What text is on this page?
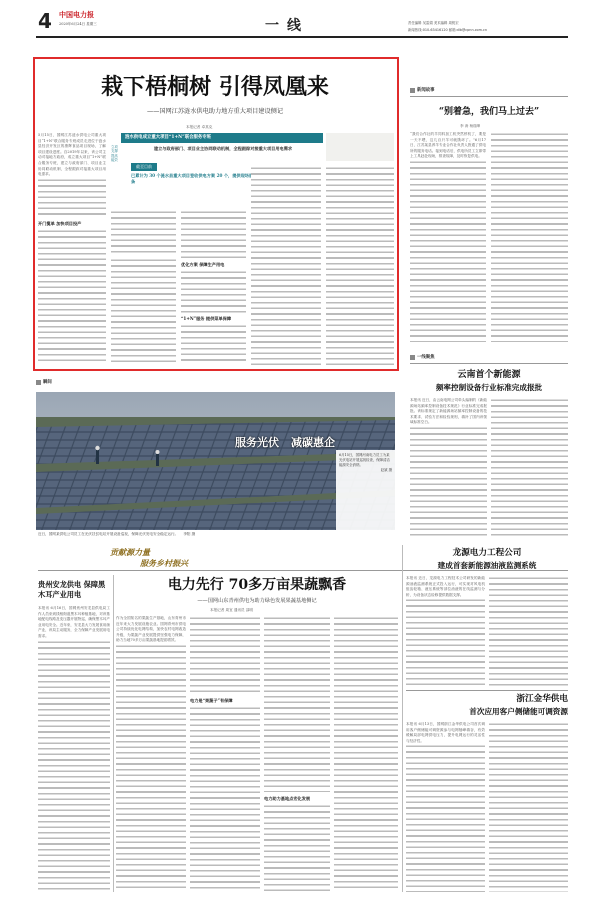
4 中国电力报
2020年6月24日 星期三	一线	责任编辑 吴雷娟 美术编辑 周锐宏
新闻热线:010-63416120 邮箱:dlb@cpnn.com.cn
栽下梧桐树 引得凤凰来
——国网江苏涟水供电助力地方重大项目建设侧记
本报记者 卓其克
5月15日，国网江苏涟水供电公司重大项目“1+N”联合服务专班成员走进位于涟水县经济开发区的康辉食品项目现场，了解项目建设进度。自2019年以来，该公司主动对接地方政府，成立重大项目“1+N”联合服务专班，建立与政府部门、项目业主协同联动机制，全程跟踪对接重大项目用电需求。
开门揽单 加快项目投产
涟水供电成立重大项目“1+N”联合服务专班
立项 支撑 提高 能效
建立与政府部门、项目业主协同联动机制，全程跟踪对接重大项目用电需求
截至目前
已累计为 30 个涟水县重大项目签收供电方案 20 个，提供现场服务 680 人次，提出安全建议 40 条
优化方案 保障生产用电
“1+N”服务 提供菜单保障
新闻故事
“别着急，我们马上过去”
李 涛 杨瑞坤
“我们合作社的羊饲料加工机突然停机了，要是一天不喂，这几百只羊可就饿坏了。”6月17日，江苏某县养羊专业合作社负责人拨通了供电所的服务电话。接到电话后，供电所员工立即带上工具赶赴现场，排查故障，及时恢复供电。
一线聚焦
瞬间
服务光伏 减碳惠企
6月15日，国网河南电力员工为某光伏电站开展巡视检查，保障清洁能源安全消纳。
赵斌 摄
近日，国网某供电公司员工在光伏扶贫电站开展设备巡视，保障光伏发电安全稳定运行。 李阳 摄
云南首个新能源
频率控制设备行业标准完成报批
本报讯 近日，由云南电网公司牵头编制的《新能源场站频率控制设备技术规范》行业标准完成报批。该标准规定了新能源场站频率控制设备的技术要求、试验方法和检验规则，填补了国内该领域标准空白。
贡献源力量
服务乡村振兴
贵州安龙供电 保障黑木耳产业用电
本报讯 6月16日，国网贵州安龙县供电局工作人员来到钱相街道黑木耳种植基地，对该基地配电线路及变压器开展特巡，确保黑木耳产业用电安全。近年来，安龙县大力发展食用菌产业，该局主动服务，全力保障产业发展用电需求。
电力先行 70多万亩果蔬飘香
——国网山东青州供电为助力绿色发展果蔬基地侧记
本报记者 周宜 通讯员 邵明
作为全国知名的果蔬生产基地，山东青州市近年来大力发展设施农业。国网青州市供电公司持续优化电网结构，加快农村电网改造升级，为果蔬产业发展提供坚强电力保障，助力当地70多万亩果蔬基地提质增效。
电力是“果蔬子”有保障
电力助力基地点宏化发展
龙源电力工程公司
建成首套新能源油液监测系统
本报讯 近日，龙源电力工程技术公司研发的新能源油液监测系统正式投入运行，可实现对风电机组齿轮箱、液压系统等部位油液的在线监测与分析，为设备状态检修提供数据支撑。
浙江金华供电
首次应用客户侧储能可调资源
本报讯 6月13日，国网浙江金华供电公司首次调用客户侧储能可调资源参与电网削峰填谷，有效缓解局部电网供电压力，提升电网运行的灵活性与经济性。
